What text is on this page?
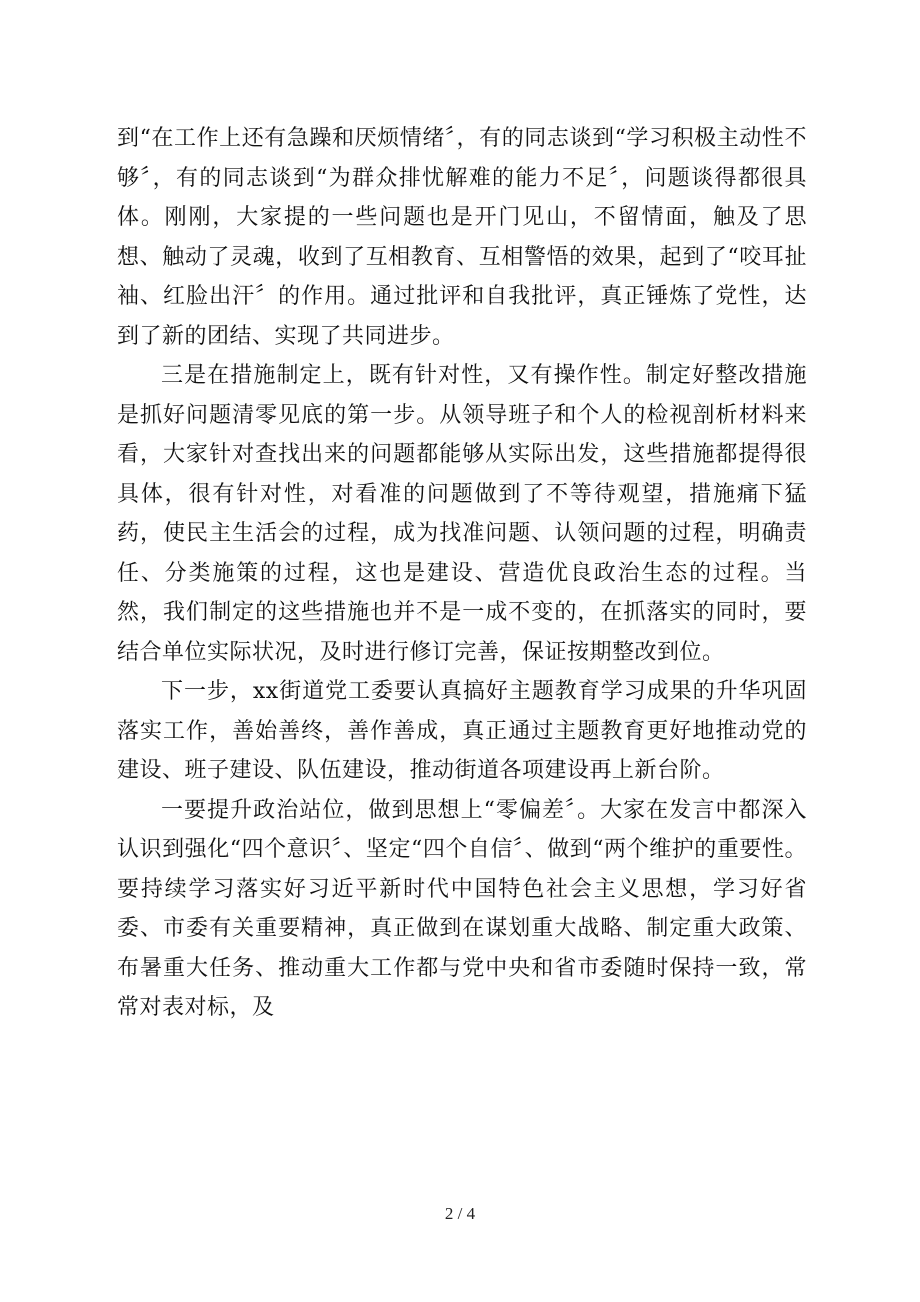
到“在工作上还有急躁和厌烦情绪〞，有的同志谈到“学习积极主动性不够〞，有的同志谈到“为群众排忧解难的能力不足〞，问题谈得都很具体。刚刚，大家提的一些问题也是开门见山，不留情面，触及了思想、触动了灵魂，收到了互相教育、互相警悟的效果，起到了“咬耳扯袖、红脸出汗〞的作用。通过批评和自我批评，真正锤炼了党性，达到了新的团结、实现了共同进步。

三是在措施制定上，既有针对性，又有操作性。制定好整改措施是抓好问题清零见底的第一步。从领导班子和个人的检视剖析材料来看，大家针对查找出来的问题都能够从实际出发，这些措施都提得很具体，很有针对性，对看准的问题做到了不等待观望，措施痛下猛药，使民主生活会的过程，成为找准问题、认领问题的过程，明确责任、分类施策的过程，这也是建设、营造优良政治生态的过程。当然，我们制定的这些措施也并不是一成不变的，在抓落实的同时，要结合单位实际状况，及时进行修订完善，保证按期整改到位。

下一步，xx街道党工委要认真搞好主题教育学习成果的升华巩固落实工作，善始善终，善作善成，真正通过主题教育更好地推动党的建设、班子建设、队伍建设，推动街道各项建设再上新台阶。

一要提升政治站位，做到思想上“零偏差〞。大家在发言中都深入认识到强化“四个意识〞、坚定“四个自信〞、做到“两个维护的重要性。要持续学习落实好习近平新时代中国特色社会主义思想，学习好省委、市委有关重要精神，真正做到在谋划重大战略、制定重大政策、布暑重大任务、推动重大工作都与党中央和省市委随时保持一致，常常对表对标，及

2 / 4
